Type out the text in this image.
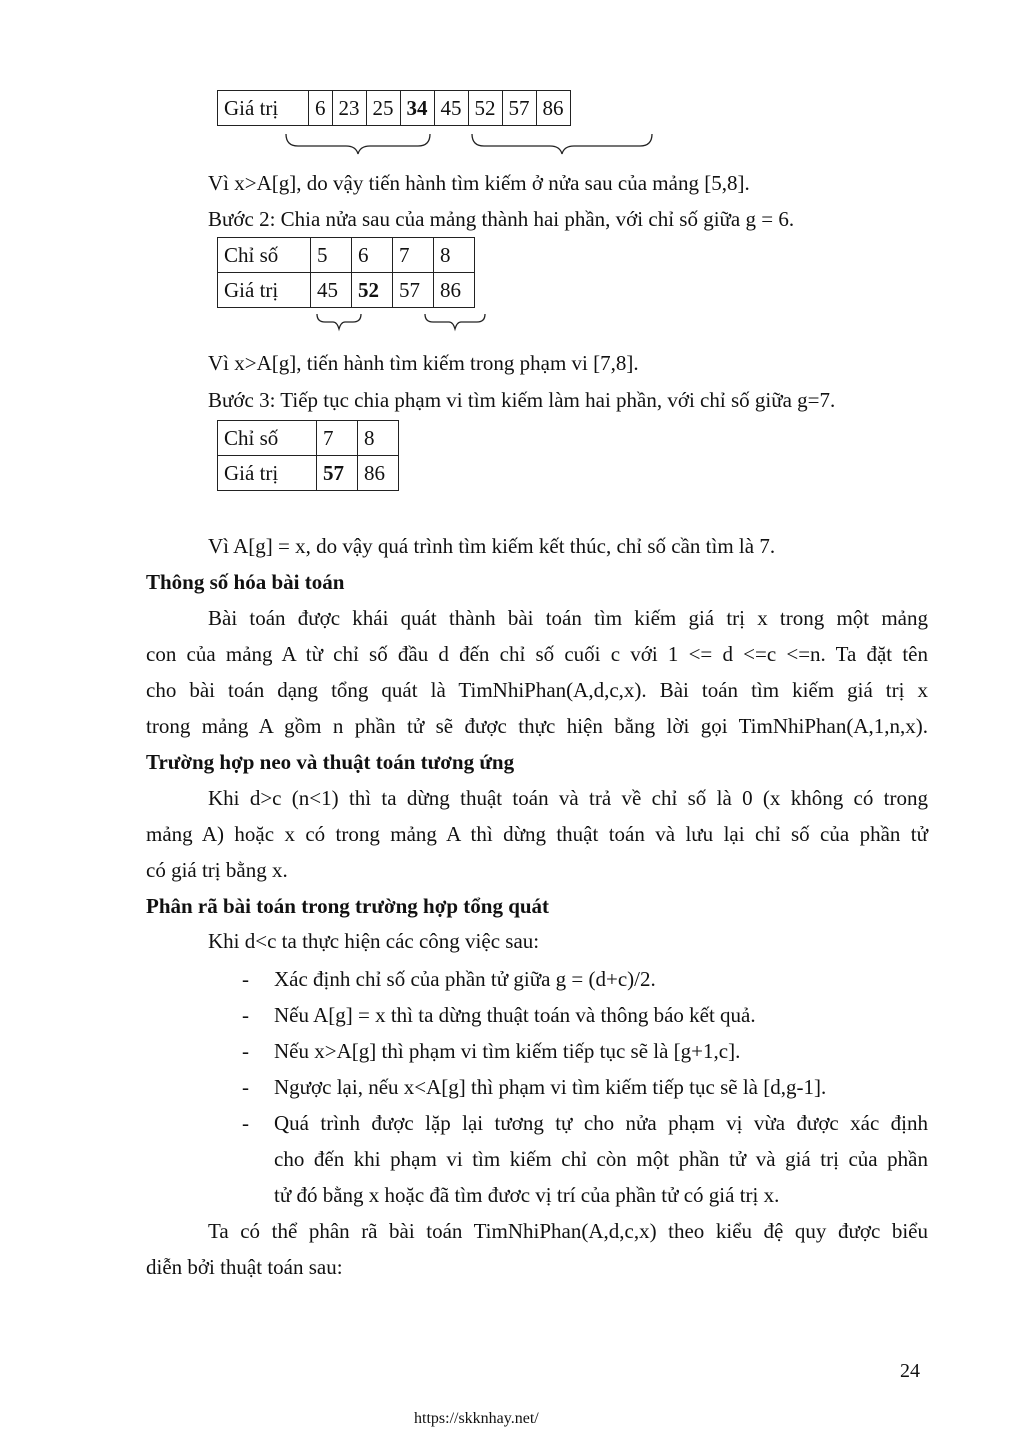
Giá trị	6	23	25	34	45	52	57	86
Vì x>A[g], do vậy tiến hành tìm kiếm ở nửa sau của mảng [5,8].
Bước 2: Chia nửa sau của mảng thành hai phần, với chỉ số giữa g = 6.
Chỉ số	5	6	7	8
Giá trị	45	52	57	86
Vì x>A[g], tiến hành tìm kiếm trong phạm vi [7,8].
Bước 3: Tiếp tục chia phạm vi tìm kiếm làm hai phần, với chỉ số giữa g=7.
Chỉ số	7	8
Giá trị	57	86
Vì A[g] = x, do vậy quá trình tìm kiếm kết thúc, chỉ số cần tìm là 7.
Thông số hóa bài toán
Bài toán được khái quát thành bài toán tìm kiếm giá trị x trong một mảng
con của mảng A từ chỉ số đầu d đến chỉ số cuối c với 1 <= d <=c <=n. Ta đặt tên
cho bài toán dạng tổng quát là TimNhiPhan(A,d,c,x). Bài toán tìm kiếm giá trị x
trong mảng A gồm n phần tử sẽ được thực hiện bằng lời gọi TimNhiPhan(A,1,n,x).
Trường hợp neo và thuật toán tương ứng
Khi d>c (n<1) thì ta dừng thuật toán và trả về chỉ số là 0 (x không có trong
mảng A) hoặc x có trong mảng A thì dừng thuật toán và lưu lại chỉ số của phần tử
có giá trị bằng x.
Phân rã bài toán trong trường hợp tổng quát
Khi d<c ta thực hiện các công việc sau:
- Xác định chỉ số của phần tử giữa g = (d+c)/2.
- Nếu A[g] = x thì ta dừng thuật toán và thông báo kết quả.
- Nếu x>A[g] thì phạm vi tìm kiếm tiếp tục sẽ là [g+1,c].
- Ngược lại, nếu x<A[g] thì phạm vi tìm kiếm tiếp tục sẽ là [d,g-1].
- Quá trình được lặp lại tương tự cho nửa phạm vị vừa được xác định
cho đến khi phạm vi tìm kiếm chỉ còn một phần tử và giá trị của phần
tử đó bằng x hoặc đã tìm đươc vị trí của phần tử có giá trị x.
Ta có thể phân rã bài toán TimNhiPhan(A,d,c,x) theo kiểu đệ quy được biểu
diễn bởi thuật toán sau:
24
https://skknhay.net/
